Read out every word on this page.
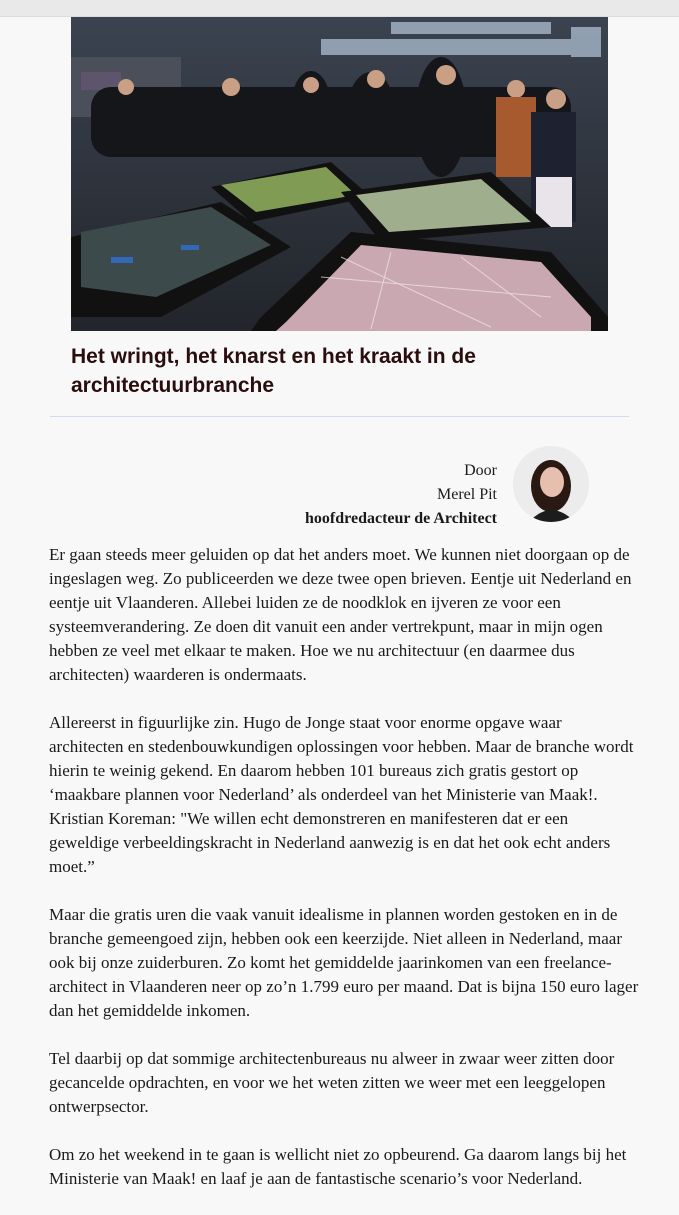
Het wringt, het knarst en het kraakt in de architectuurbranche
Door
Merel Pit
hoofdredacteur de Architect

Er gaan steeds meer geluiden op dat het anders moet. We kunnen niet doorgaan op de ingeslagen weg. Zo publiceerden we deze twee open brieven. Eentje uit Nederland en eentje uit Vlaanderen. Allebei luiden ze de noodklok en ijveren ze voor een systeemverandering. Ze doen dit vanuit een ander vertrekpunt, maar in mijn ogen hebben ze veel met elkaar te maken. Hoe we nu architectuur (en daarmee dus architecten) waarderen is ondermaats.

Allereerst in figuurlijke zin. Hugo de Jonge staat voor enorme opgave waar architecten en stedenbouwkundigen oplossingen voor hebben. Maar de branche wordt hierin te weinig gekend. En daarom hebben 101 bureaus zich gratis gestort op ‘maakbare plannen voor Nederland’ als onderdeel van het Ministerie van Maak!. Kristian Koreman: "We willen echt demonstreren en manifesteren dat er een geweldige verbeeldingskracht in Nederland aanwezig is en dat het ook echt anders moet.”

Maar die gratis uren die vaak vanuit idealisme in plannen worden gestoken en in de branche gemeengoed zijn, hebben ook een keerzijde. Niet alleen in Nederland, maar ook bij onze zuiderburen. Zo komt het gemiddelde jaarinkomen van een freelance-architect in Vlaanderen neer op zo’n 1.799 euro per maand. Dat is bijna 150 euro lager dan het gemiddelde inkomen.

Tel daarbij op dat sommige architectenbureaus nu alweer in zwaar weer zitten door gecancelde opdrachten, en voor we het weten zitten we weer met een leeggelopen ontwerpsector.

Om zo het weekend in te gaan is wellicht niet zo opbeurend. Ga daarom langs bij het Ministerie van Maak! en laaf je aan de fantastische scenario’s voor Nederland.
